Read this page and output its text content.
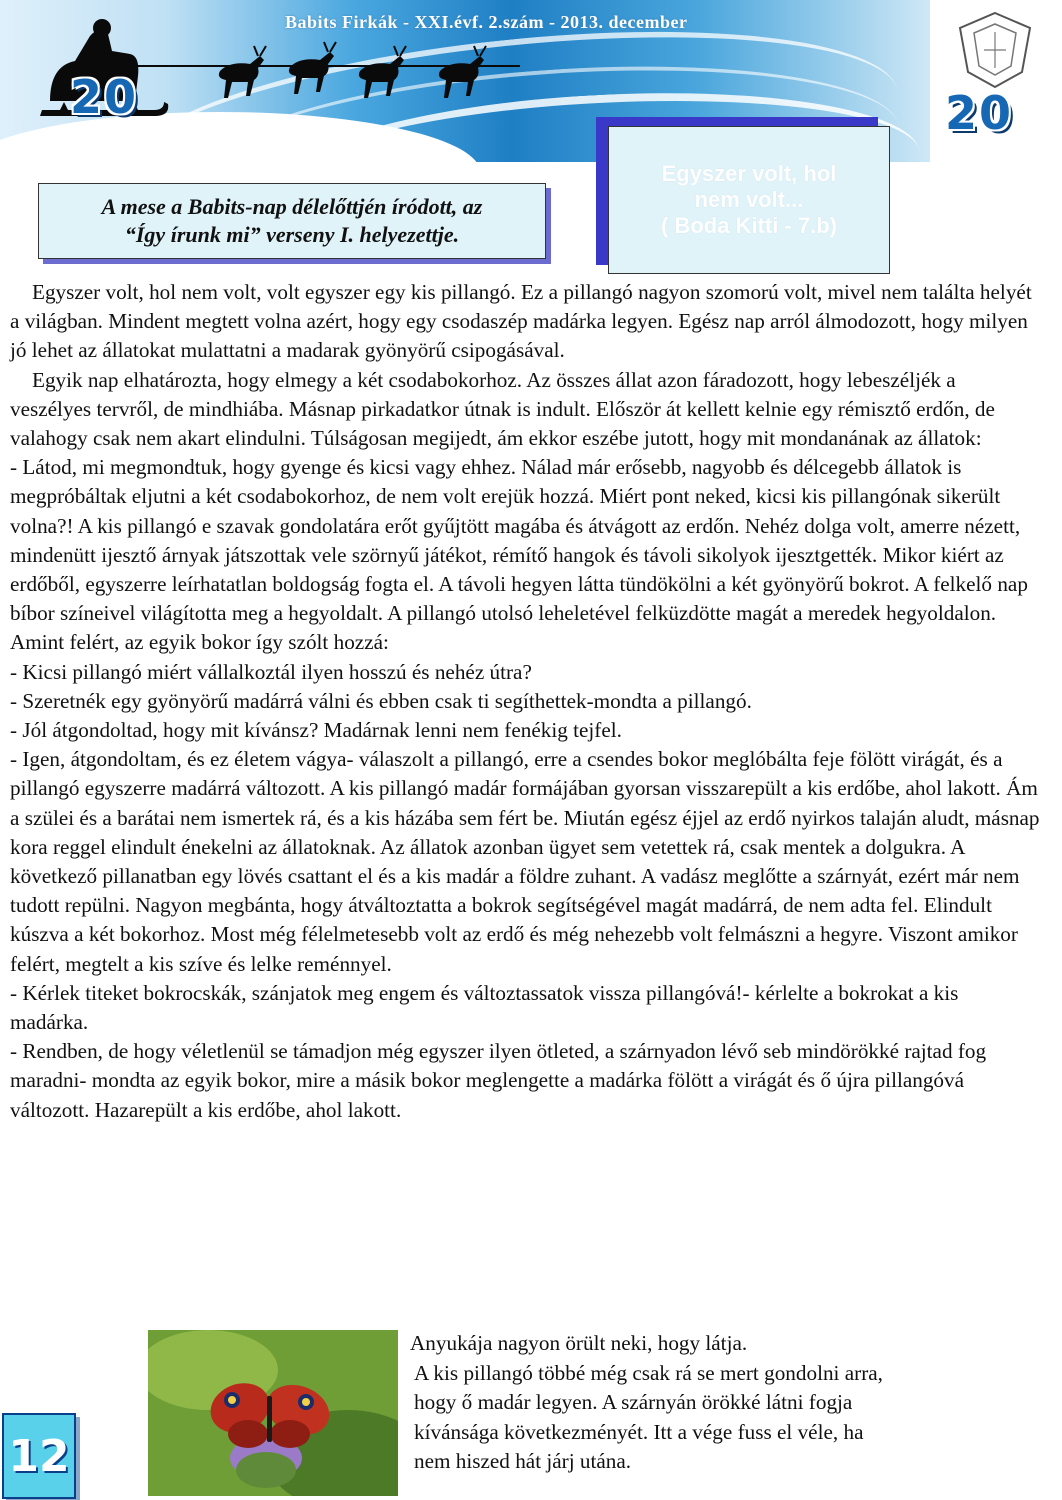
Babits Firkák - XXI.évf. 2.szám - 2013. december
20	20
A mese a Babits-nap délelőttjén íródott, az
“Így írunk mi” verseny I. helyezettje.
Egyszer volt, hol
nem volt...
( Boda Kitti - 7.b)

Egyszer volt, hol nem volt, volt egyszer egy kis pillangó. Ez a pillangó nagyon szomorú volt, mivel nem találta helyét a világban. Mindent megtett volna azért, hogy egy csodaszép madárka legyen. Egész nap arról álmodozott, hogy milyen jó lehet az állatokat mulattatni a madarak gyönyörű csipogásával.

Egyik nap elhatározta, hogy elmegy a két csodabokorhoz. Az összes állat azon fáradozott, hogy lebeszéljék a veszélyes tervről, de mindhiába. Másnap pirkadatkor útnak is indult. Először át kellett kelnie egy rémisztő erdőn, de valahogy csak nem akart elindulni. Túlságosan megijedt, ám ekkor eszébe jutott, hogy mit mondanának az állatok:

- Látod, mi megmondtuk, hogy gyenge és kicsi vagy ehhez. Nálad már erősebb, nagyobb és délcegebb állatok is megpróbáltak eljutni a két csodabokorhoz, de nem volt erejük hozzá. Miért pont neked, kicsi kis pillangónak sikerült volna?! A kis pillangó e szavak gondolatára erőt gyűjtött magába és átvágott az erdőn. Nehéz dolga volt, amerre nézett, mindenütt ijesztő árnyak játszottak vele szörnyű játékot, rémítő hangok és távoli sikolyok ijesztgették. Mikor kiért az erdőből, egyszerre leírhatatlan boldogság fogta el. A távoli hegyen látta tündökölni a két gyönyörű bokrot. A felkelő nap bíbor színeivel világította meg a hegyoldalt. A pillangó utolsó leheletével felküzdötte magát a meredek hegyoldalon. Amint felért, az egyik bokor így szólt hozzá:

- Kicsi pillangó miért vállalkoztál ilyen hosszú és nehéz útra?

- Szeretnék egy gyönyörű madárrá válni és ebben csak ti segíthettek-mondta a pillangó.

- Jól átgondoltad, hogy mit kívánsz? Madárnak lenni nem fenékig tejfel.

- Igen, átgondoltam, és ez életem vágya- válaszolt a pillangó, erre a csendes bokor meglóbálta feje fölött virágát, és a pillangó egyszerre madárrá változott. A kis pillangó madár formájában gyorsan visszarepült a kis erdőbe, ahol lakott. Ám a szülei és a barátai nem ismertek rá, és a kis házába sem fért be. Miután egész éjjel az erdő nyirkos talaján aludt, másnap kora reggel elindult énekelni az állatoknak. Az állatok azonban ügyet sem vetettek rá, csak mentek a dolgukra. A következő pillanatban egy lövés csattant el és a kis madár a földre zuhant. A vadász meglőtte a szárnyát, ezért már nem tudott repülni. Nagyon megbánta, hogy átváltoztatta a bokrok segítségével magát madárrá, de nem adta fel. Elindult kúszva a két bokorhoz. Most még félelmetesebb volt az erdő és még nehezebb volt felmászni a hegyre. Viszont amikor felért, megtelt a kis szíve és lelke reménnyel.

- Kérlek titeket bokrocskák, szánjatok meg engem és változtassatok vissza pillangóvá!- kérlelte a bokrokat a kis madárka.

- Rendben, de hogy véletlenül se támadjon még egyszer ilyen ötleted, a szárnyadon lévő seb mindörökké rajtad fog maradni- mondta az egyik bokor, mire a másik bokor meglengette a madárka fölött a virágát és ő újra pillangóvá változott. Hazarepült a kis erdőbe, ahol lakott.

Anyukája nagyon örült neki, hogy látja.

A kis pillangó többé még csak rá se mert gondolni arra,

hogy ő madár legyen. A szárnyán örökké látni fogja

kívánsága következményét. Itt a vége fuss el véle, ha

nem hiszed hát járj utána.

12
